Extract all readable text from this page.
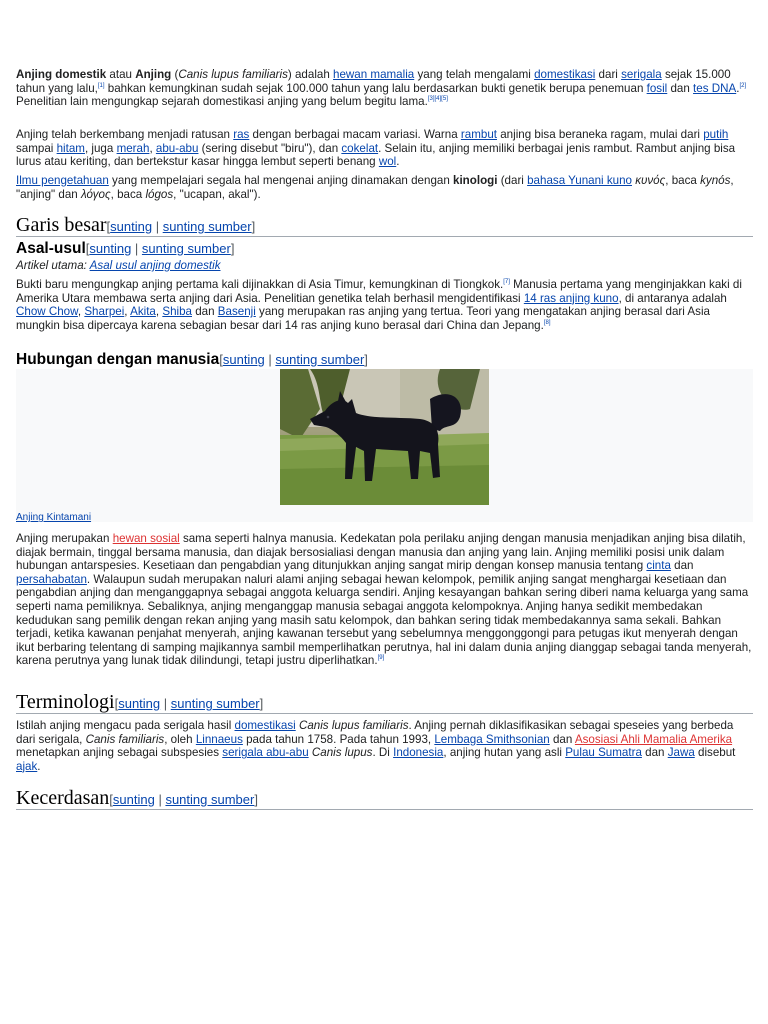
Anjing domestik atau Anjing (Canis lupus familiaris) adalah hewan mamalia yang telah mengalami domestikasi dari serigala sejak 15.000 tahun yang lalu,[1] bahkan kemungkinan sudah sejak 100.000 tahun yang lalu berdasarkan bukti genetik berupa penemuan fosil dan tes DNA.[2] Penelitian lain mengungkap sejarah domestikasi anjing yang belum begitu lama.[3][4][5]

Anjing telah berkembang menjadi ratusan ras dengan berbagai macam variasi. Warna rambut anjing bisa beraneka ragam, mulai dari putih sampai hitam, juga merah, abu-abu (sering disebut "biru"), dan cokelat. Selain itu, anjing memiliki berbagai jenis rambut. Rambut anjing bisa lurus atau keriting, dan bertekstur kasar hingga lembut seperti benang wol.

Ilmu pengetahuan yang mempelajari segala hal mengenai anjing dinamakan dengan kinologi (dari bahasa Yunani kuno κυνός, baca kynós, "anjing" dan λόγος, baca lógos, "ucapan, akal").

Garis besar[sunting | sunting sumber]
Asal-usul[sunting | sunting sumber]
Artikel utama: Asal usul anjing domestik

Bukti baru mengungkap anjing pertama kali dijinakkan di Asia Timur, kemungkinan di Tiongkok.[7] Manusia pertama yang menginjakkan kaki di Amerika Utara membawa serta anjing dari Asia. Penelitian genetika telah berhasil mengidentifikasi 14 ras anjing kuno, di antaranya adalah Chow Chow, Sharpei, Akita, Shiba dan Basenji yang merupakan ras anjing yang tertua. Teori yang mengatakan anjing berasal dari Asia mungkin bisa dipercaya karena sebagian besar dari 14 ras anjing kuno berasal dari China dan Jepang.[8]

Hubungan dengan manusia[sunting | sunting sumber]
Anjing Kintamani

Anjing merupakan hewan sosial sama seperti halnya manusia. Kedekatan pola perilaku anjing dengan manusia menjadikan anjing bisa dilatih, diajak bermain, tinggal bersama manusia, dan diajak bersosialiasi dengan manusia dan anjing yang lain. Anjing memiliki posisi unik dalam hubungan antarspesies. Kesetiaan dan pengabdian yang ditunjukkan anjing sangat mirip dengan konsep manusia tentang cinta dan persahabatan. Walaupun sudah merupakan naluri alami anjing sebagai hewan kelompok, pemilik anjing sangat menghargai kesetiaan dan pengabdian anjing dan menganggapnya sebagai anggota keluarga sendiri. Anjing kesayangan bahkan sering diberi nama keluarga yang sama seperti nama pemiliknya. Sebaliknya, anjing menganggap manusia sebagai anggota kelompoknya. Anjing hanya sedikit membedakan kedudukan sang pemilik dengan rekan anjing yang masih satu kelompok, dan bahkan sering tidak membedakannya sama sekali. Bahkan terjadi, ketika kawanan penjahat menyerah, anjing kawanan tersebut yang sebelumnya menggonggongi para petugas ikut menyerah dengan ikut berbaring telentang di samping majikannya sambil memperlihatkan perutnya, hal ini dalam dunia anjing dianggap sebagai tanda menyerah, karena perutnya yang lunak tidak dilindungi, tetapi justru diperlihatkan.[9]

Terminologi[sunting | sunting sumber]

Istilah anjing mengacu pada serigala hasil domestikasi Canis lupus familiaris. Anjing pernah diklasifikasikan sebagai speseies yang berbeda dari serigala, Canis familiaris, oleh Linnaeus pada tahun 1758. Pada tahun 1993, Lembaga Smithsonian dan Asosiasi Ahli Mamalia Amerika menetapkan anjing sebagai subspesies serigala abu-abu Canis lupus. Di Indonesia, anjing hutan yang asli Pulau Sumatra dan Jawa disebut ajak.

Kecerdasan[sunting | sunting sumber]
